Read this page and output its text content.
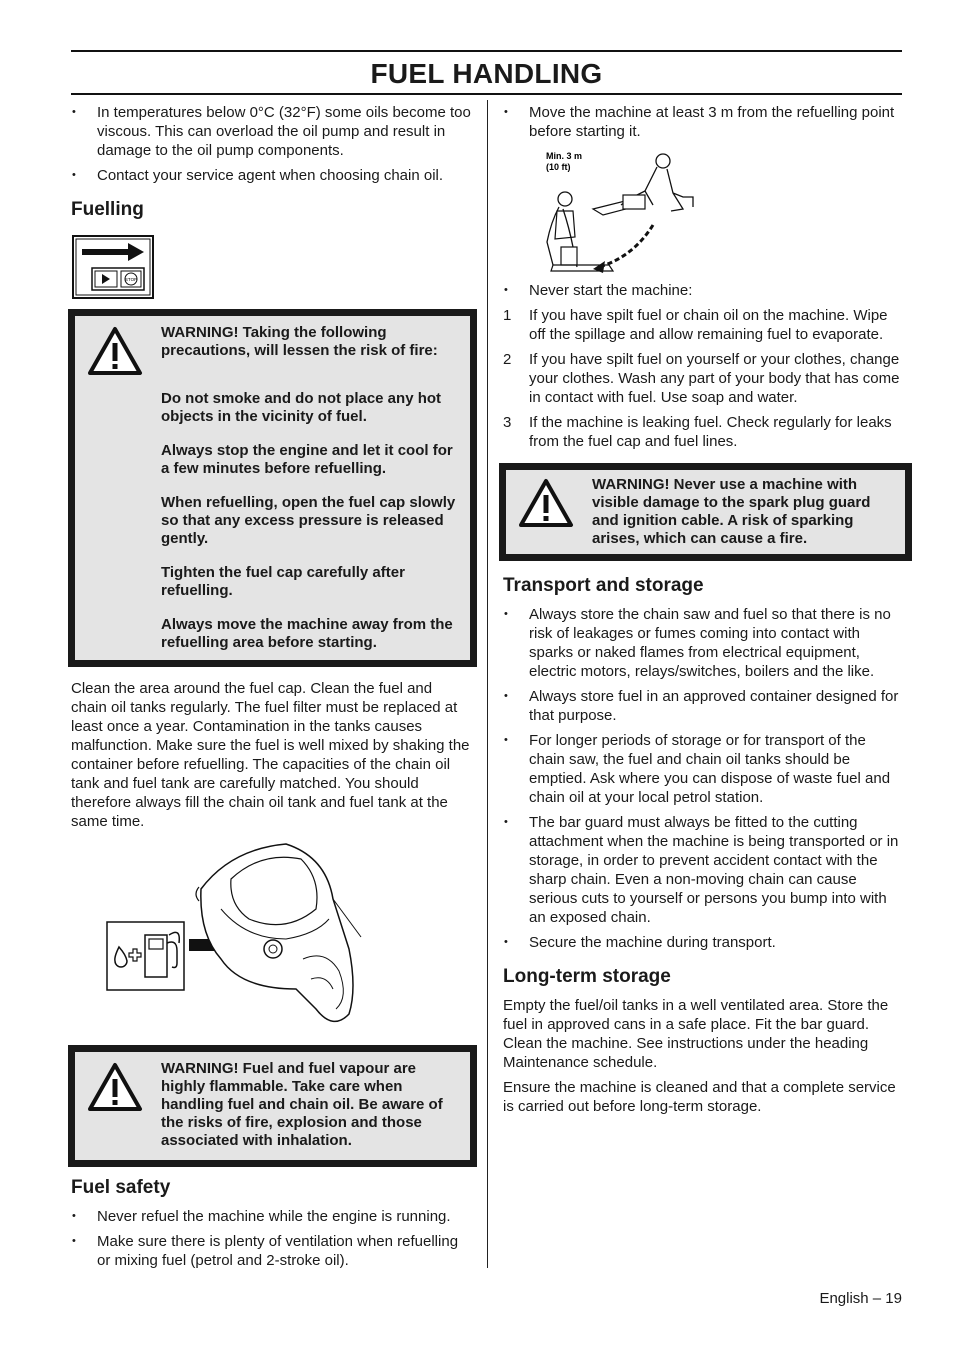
FUEL HANDLING
• In temperatures below 0°C (32°F) some oils become too viscous. This can overload the oil pump and result in damage to the oil pump components.
• Contact your service agent when choosing chain oil.
Fuelling
STOP

WARNING! Taking the following precautions, will lessen the risk of fire:

Do not smoke and do not place any hot objects in the vicinity of fuel.

Always stop the engine and let it cool for a few minutes before refuelling.

When refuelling, open the fuel cap slowly so that any excess pressure is released gently.

Tighten the fuel cap carefully after refuelling.

Always move the machine away from the refuelling area before starting.

Clean the area around the fuel cap. Clean the fuel and chain oil tanks regularly. The fuel filter must be replaced at least once a year. Contamination in the tanks causes malfunction. Make sure the fuel is well mixed by shaking the container before refuelling. The capacities of the chain oil tank and fuel tank are carefully matched. You should therefore always fill the chain oil tank and fuel tank at the same time.

WARNING! Fuel and fuel vapour are highly flammable. Take care when handling fuel and chain oil. Be aware of the risks of fire, explosion and those associated with inhalation.

Fuel safety
• Never refuel the machine while the engine is running.
• Make sure there is plenty of ventilation when refuelling or mixing fuel (petrol and 2-stroke oil).
• Move the machine at least 3 m from the refuelling point before starting it.
Min. 3 m
(10 ft)
• Never start the machine:
1 If you have spilt fuel or chain oil on the machine. Wipe off the spillage and allow remaining fuel to evaporate.
2 If you have spilt fuel on yourself or your clothes, change your clothes. Wash any part of your body that has come in contact with fuel. Use soap and water.
3 If the machine is leaking fuel. Check regularly for leaks from the fuel cap and fuel lines.

WARNING! Never use a machine with visible damage to the spark plug guard and ignition cable. A risk of sparking arises, which can cause a fire.

Transport and storage
• Always store the chain saw and fuel so that there is no risk of leakages or fumes coming into contact with sparks or naked flames from electrical equipment, electric motors, relays/switches, boilers and the like.
• Always store fuel in an approved container designed for that purpose.
• For longer periods of storage or for transport of the chain saw, the fuel and chain oil tanks should be emptied. Ask where you can dispose of waste fuel and chain oil at your local petrol station.
• The bar guard must always be fitted to the cutting attachment when the machine is being transported or in storage, in order to prevent accident contact with the sharp chain. Even a non-moving chain can cause serious cuts to yourself or persons you bump into with an exposed chain.
• Secure the machine during transport.
Long-term storage

Empty the fuel/oil tanks in a well ventilated area. Store the fuel in approved cans in a safe place. Fit the bar guard. Clean the machine. See instructions under the heading Maintenance schedule.

Ensure the machine is cleaned and that a complete service is carried out before long-term storage.

English – 19
